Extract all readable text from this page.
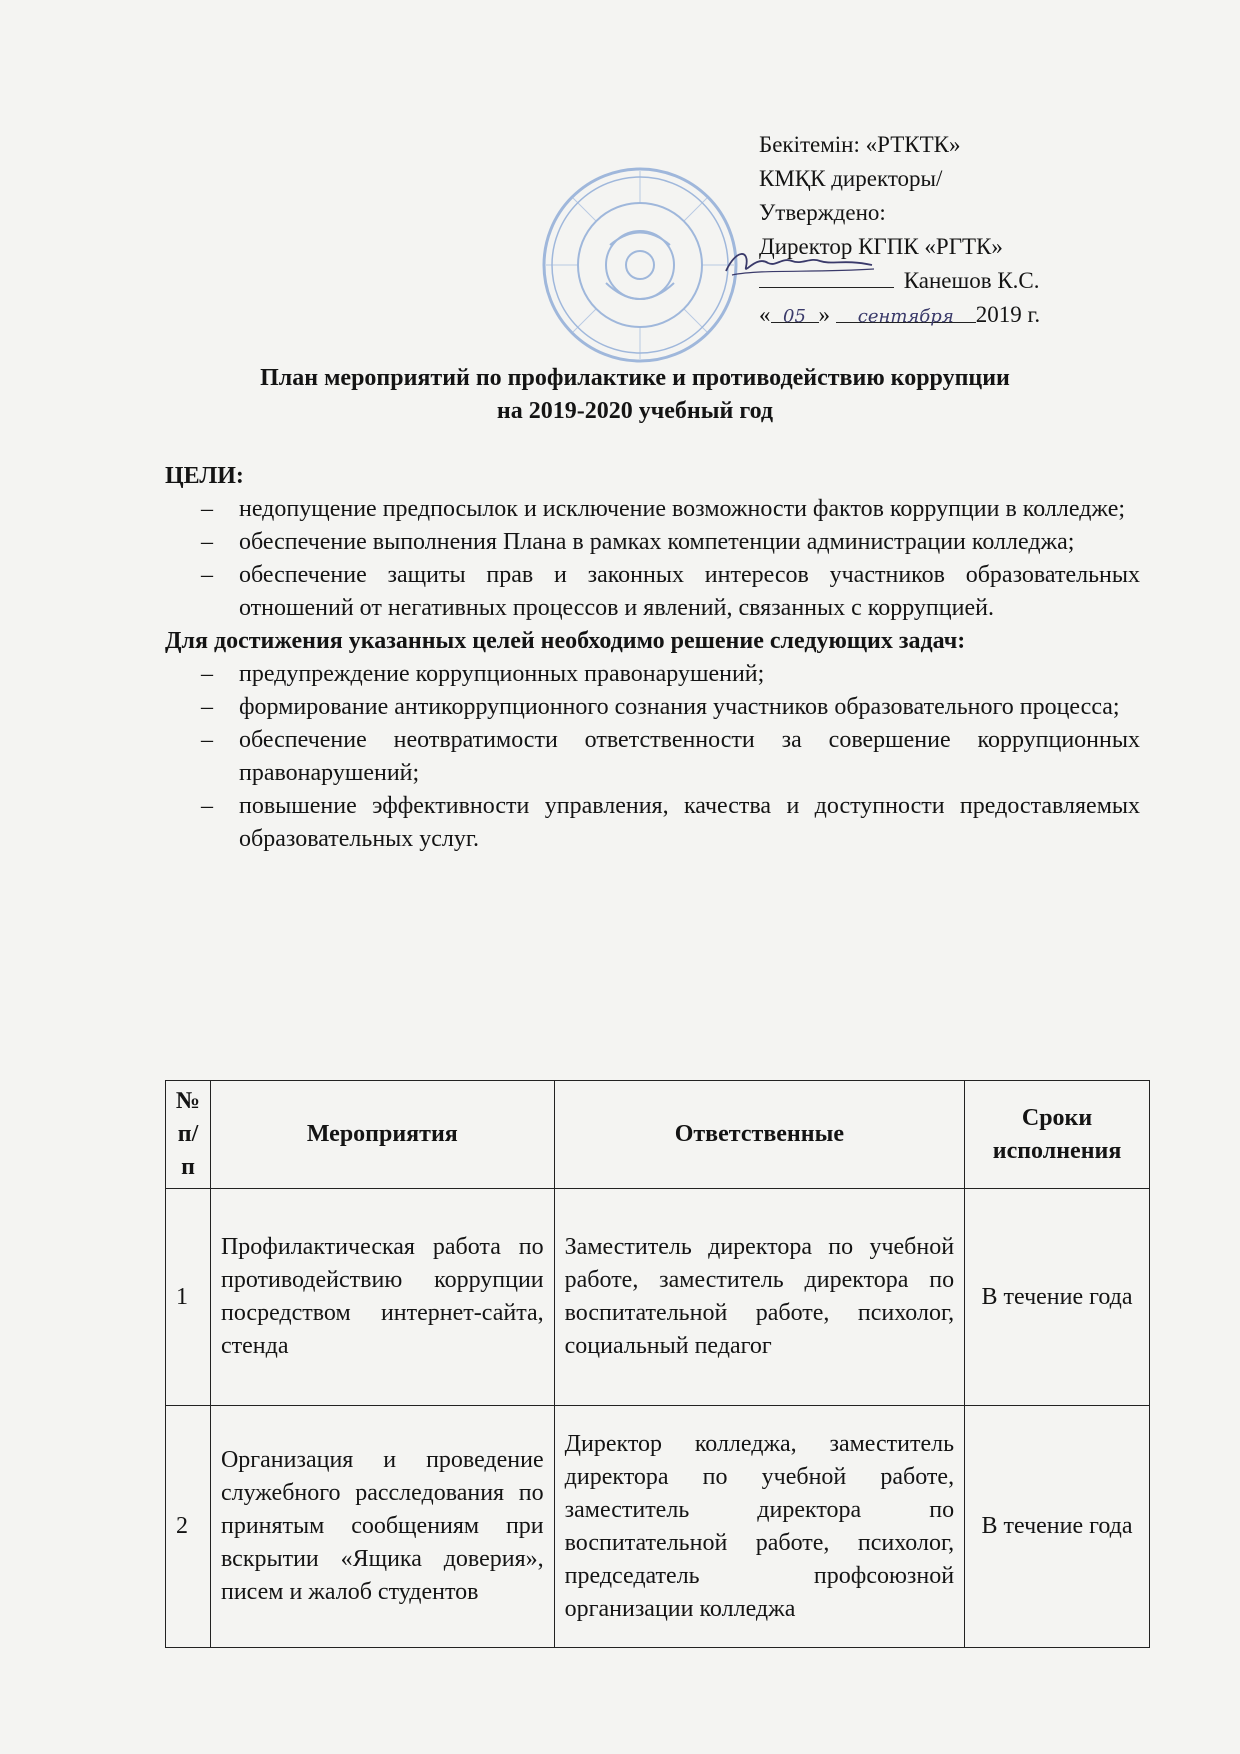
Бекітемін: «РТКТК»
КМҚК директоры/
Утверждено:
Директор КГПК «РГТК»
Канешов К.С.
« 05 » сентября 2019 г.
План мероприятий по профилактике и противодействию коррупции
на 2019-2020 учебный год
ЦЕЛИ:
– недопущение предпосылок и исключение возможности фактов коррупции в колледже;
– обеспечение выполнения Плана в рамках компетенции администрации колледжа;
– обеспечение защиты прав и законных интересов участников образовательных отношений от негативных процессов и явлений, связанных с коррупцией.
Для достижения указанных целей необходимо решение следующих задач:
– предупреждение коррупционных правонарушений;
– формирование антикоррупционного сознания участников образовательного процесса;
– обеспечение неотвратимости ответственности за совершение коррупционных правонарушений;
– повышение эффективности управления, качества и доступности предоставляемых образовательных услуг.
№ п/п	Мероприятия	Ответственные	Сроки исполнения
1	Профилактическая работа по противодействию коррупции посредством интернет-сайта, стенда	Заместитель директора по учебной работе, заместитель директора по воспитательной работе, психолог, социальный педагог	В течение года
2	Организация и проведение служебного расследования по принятым сообщениям при вскрытии «Ящика доверия», писем и жалоб студентов	Директор колледжа, заместитель директора по учебной работе, заместитель директора по воспитательной работе, психолог, председатель профсоюзной организации колледжа	В течение года
